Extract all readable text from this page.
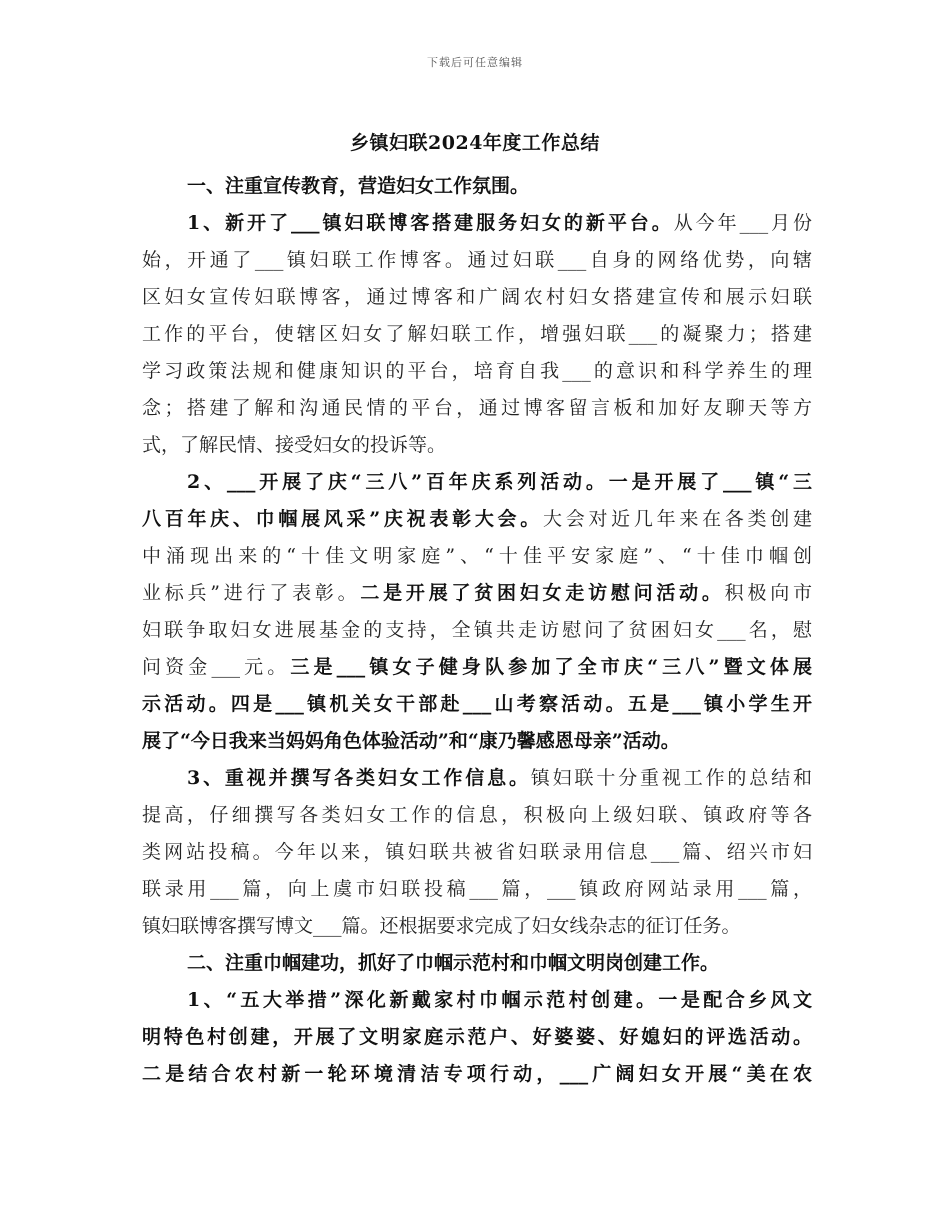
下载后可任意编辑
乡镇妇联2024年度工作总结
一、注重宣传教育，营造妇女工作氛围。
1、新开了___镇妇联博客搭建服务妇女的新平台。从今年___月份
始，开通了___镇妇联工作博客。通过妇联___自身的网络优势，向辖
区妇女宣传妇联博客，通过博客和广阔农村妇女搭建宣传和展示妇联
工作的平台，使辖区妇女了解妇联工作，增强妇联___的凝聚力；搭建
学习政策法规和健康知识的平台，培育自我___的意识和科学养生的理
念；搭建了解和沟通民情的平台，通过博客留言板和加好友聊天等方
式，了解民情、接受妇女的投诉等。
2、___开展了庆“三八”百年庆系列活动。一是开展了___镇“三
八百年庆、巾帼展风采”庆祝表彰大会。大会对近几年来在各类创建
中涌现出来的“十佳文明家庭”、“十佳平安家庭”、“十佳巾帼创
业标兵”进行了表彰。二是开展了贫困妇女走访慰问活动。积极向市
妇联争取妇女进展基金的支持，全镇共走访慰问了贫困妇女___名，慰
问资金___元。三是___镇女子健身队参加了全市庆“三八”暨文体展
示活动。四是___镇机关女干部赴___山考察活动。五是___镇小学生开
展了“今日我来当妈妈角色体验活动”和“康乃馨感恩母亲”活动。
3、重视并撰写各类妇女工作信息。镇妇联十分重视工作的总结和
提高，仔细撰写各类妇女工作的信息，积极向上级妇联、镇政府等各
类网站投稿。今年以来，镇妇联共被省妇联录用信息___篇、绍兴市妇
联录用___篇，向上虞市妇联投稿___篇，___镇政府网站录用___篇，
镇妇联博客撰写博文___篇。还根据要求完成了妇女线杂志的征订任务。
二、注重巾帼建功，抓好了巾帼示范村和巾帼文明岗创建工作。
1、“五大举措”深化新戴家村巾帼示范村创建。一是配合乡风文
明特色村创建，开展了文明家庭示范户、好婆婆、好媳妇的评选活动。
二是结合农村新一轮环境清洁专项行动，___广阔妇女开展“美在农
